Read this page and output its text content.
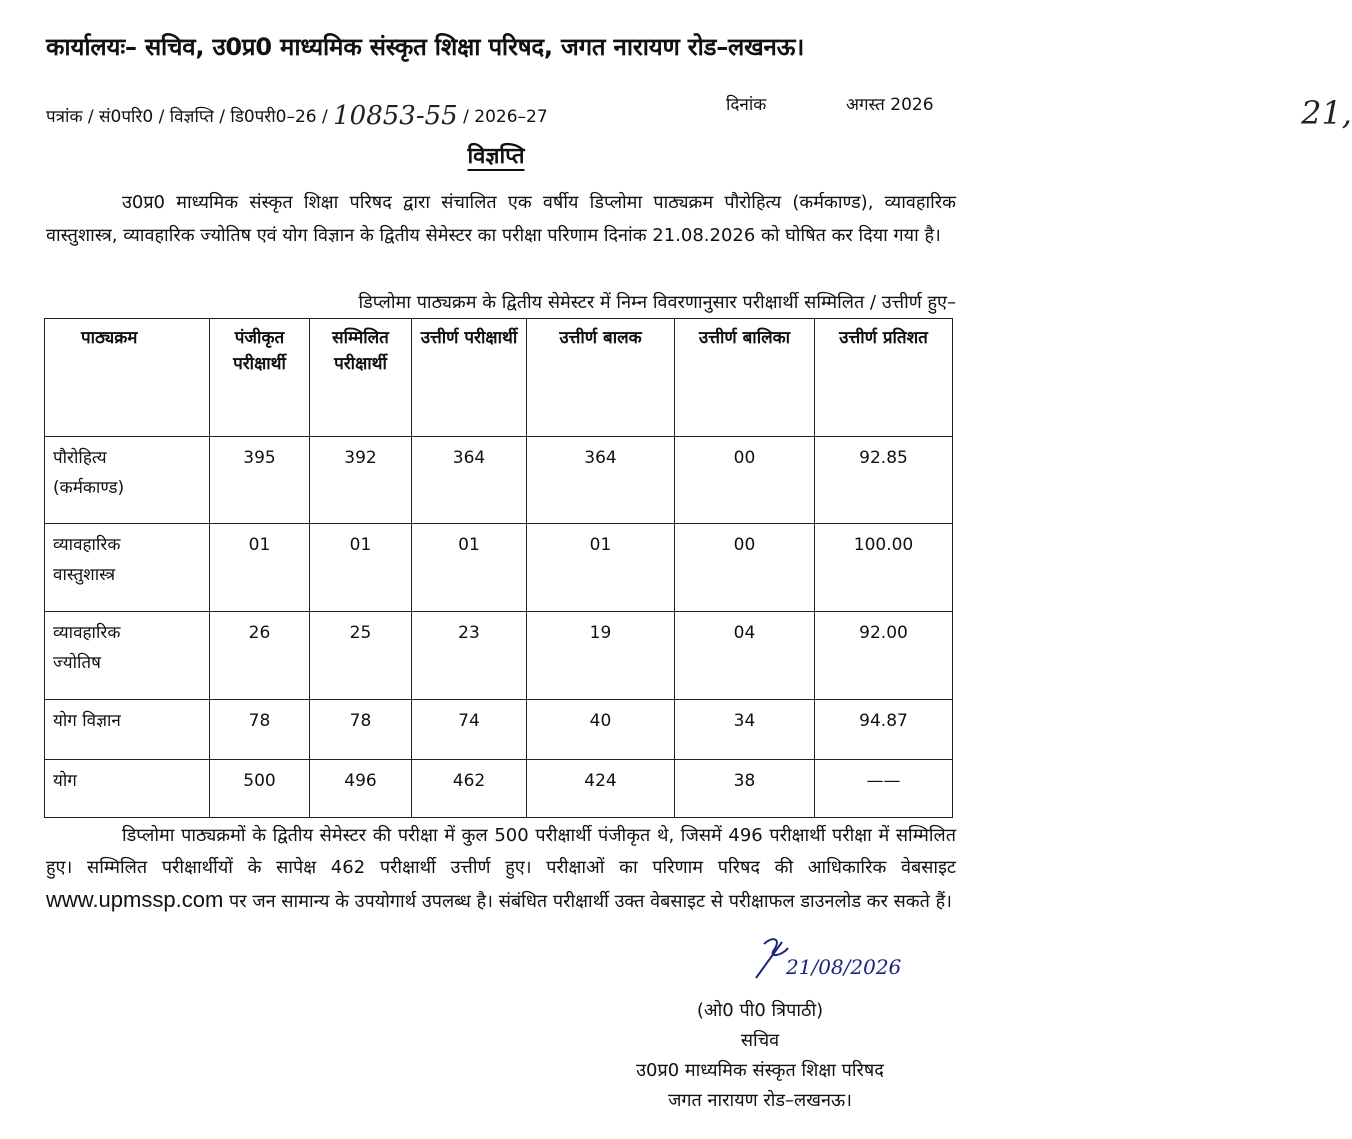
कार्यालयः– सचिव, उ0प्र0 माध्यमिक संस्कृत शिक्षा परिषद, जगत नारायण रोड–लखनऊ।
पत्रांक / सं0परि0 / विज्ञप्ति / डि0परी0–26 / 10853-55 / 2026–27
दिनांक	21,
अगस्त 2026
विज्ञप्ति
उ0प्र0 माध्यमिक संस्कृत शिक्षा परिषद द्वारा संचालित एक वर्षीय डिप्लोमा पाठ्यक्रम पौरोहित्य (कर्मकाण्ड), व्यावहारिक वास्तुशास्त्र, व्यावहारिक ज्योतिष एवं योग विज्ञान के द्वितीय सेमेस्टर का परीक्षा परिणाम दिनांक 21.08.2026 को घोषित कर दिया गया है।
डिप्लोमा पाठ्यक्रम के द्वितीय सेमेस्टर में निम्न विवरणानुसार परीक्षार्थी सम्मिलित / उत्तीर्ण हुए–
पाठ्यक्रम	पंजीकृत परीक्षार्थी	सम्मिलित परीक्षार्थी	उत्तीर्ण परीक्षार्थी	उत्तीर्ण बालक	उत्तीर्ण बालिका	उत्तीर्ण प्रतिशत
पौरोहित्य
(कर्मकाण्ड)	395	392	364	364	00	92.85
व्यावहारिक
वास्तुशास्त्र	01	01	01	01	00	100.00
व्यावहारिक
ज्योतिष	26	25	23	19	04	92.00
योग विज्ञान	78	78	74	40	34	94.87
योग	500	496	462	424	38	——
डिप्लोमा पाठ्यक्रमों के द्वितीय सेमेस्टर की परीक्षा में कुल 500 परीक्षार्थी पंजीकृत थे, जिसमें 496 परीक्षार्थी परीक्षा में सम्मिलित हुए। सम्मिलित परीक्षार्थीयों के सापेक्ष 462 परीक्षार्थी उत्तीर्ण हुए। परीक्षाओं का परिणाम परिषद की आधिकारिक वेबसाइट www.upmssp.com पर जन सामान्य के उपयोगार्थ उपलब्ध है। संबंधित परीक्षार्थी उक्त वेबसाइट से परीक्षाफल डाउनलोड कर सकते हैं।
21/08/2026
(ओ0 पी0 त्रिपाठी)
सचिव
उ0प्र0 माध्यमिक संस्कृत शिक्षा परिषद
जगत नारायण रोड–लखनऊ।
